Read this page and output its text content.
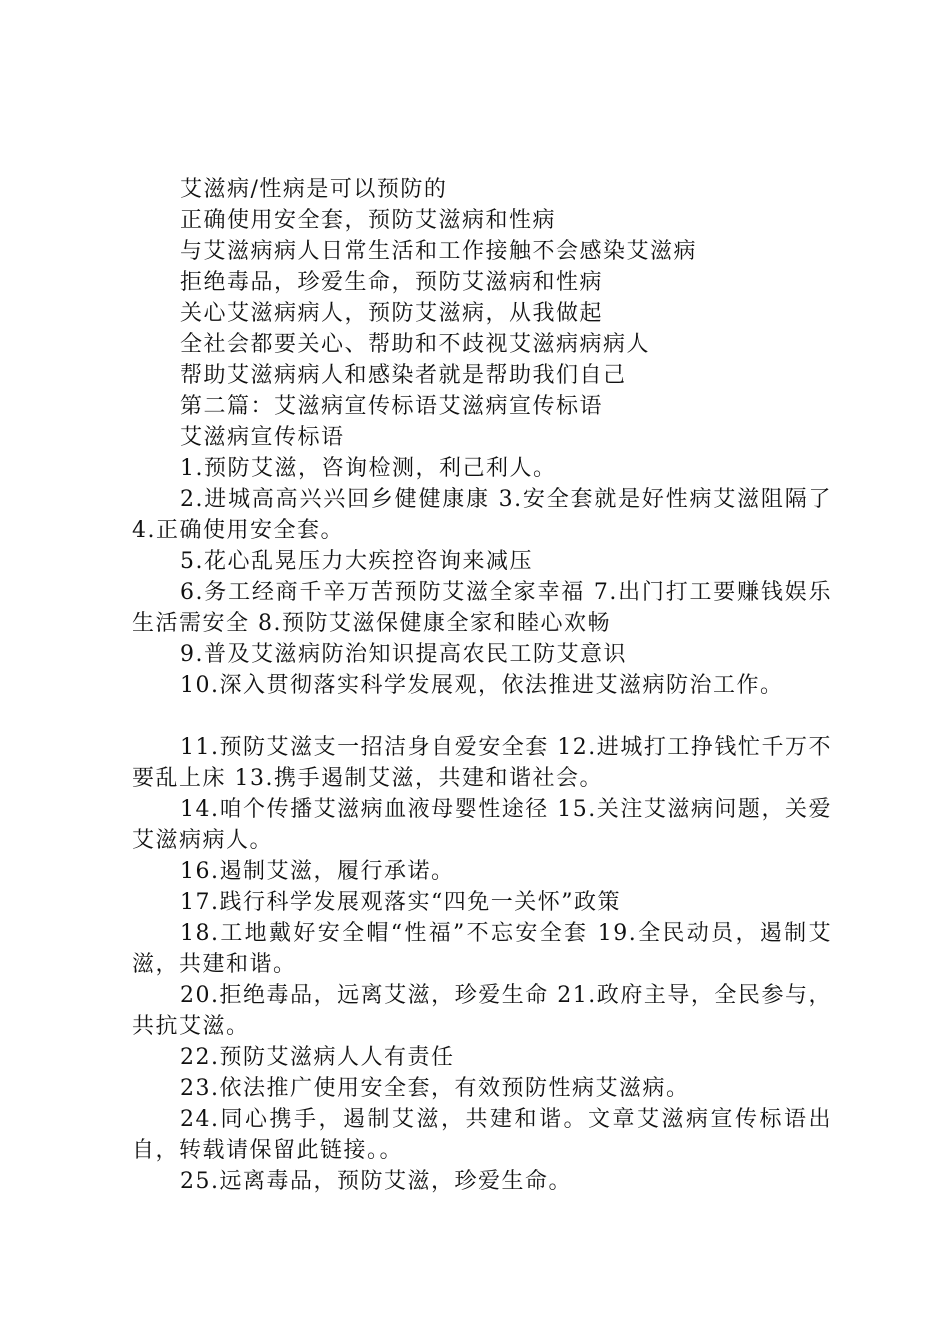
艾滋病/性病是可以预防的

正确使用安全套，预防艾滋病和性病

与艾滋病病人日常生活和工作接触不会感染艾滋病

拒绝毒品，珍爱生命，预防艾滋病和性病

关心艾滋病病人，预防艾滋病，从我做起

全社会都要关心、帮助和不歧视艾滋病病病人

帮助艾滋病病人和感染者就是帮助我们自己

第二篇：艾滋病宣传标语艾滋病宣传标语

艾滋病宣传标语

1.预防艾滋，咨询检测，利己利人。

2.进城高高兴兴回乡健健康康 3.安全套就是好性病艾滋阻隔了 4.正确使用安全套。

5.花心乱晃压力大疾控咨询来减压

6.务工经商千辛万苦预防艾滋全家幸福 7.出门打工要赚钱娱乐生活需安全 8.预防艾滋保健康全家和睦心欢畅

9.普及艾滋病防治知识提高农民工防艾意识

10.深入贯彻落实科学发展观，依法推进艾滋病防治工作。

11.预防艾滋支一招洁身自爱安全套 12.进城打工挣钱忙千万不要乱上床 13.携手遏制艾滋，共建和谐社会。

14.咱个传播艾滋病血液母婴性途径 15.关注艾滋病问题，关爱艾滋病病人。

16.遏制艾滋，履行承诺。

17.践行科学发展观落实“四免一关怀”政策

18.工地戴好安全帽“性福”不忘安全套 19.全民动员，遏制艾滋，共建和谐。

20.拒绝毒品，远离艾滋，珍爱生命 21.政府主导，全民参与，共抗艾滋。

22.预防艾滋病人人有责任

23.依法推广使用安全套，有效预防性病艾滋病。

24.同心携手，遏制艾滋，共建和谐。文章艾滋病宣传标语出自，转载请保留此链接。。

25.远离毒品，预防艾滋，珍爱生命。
